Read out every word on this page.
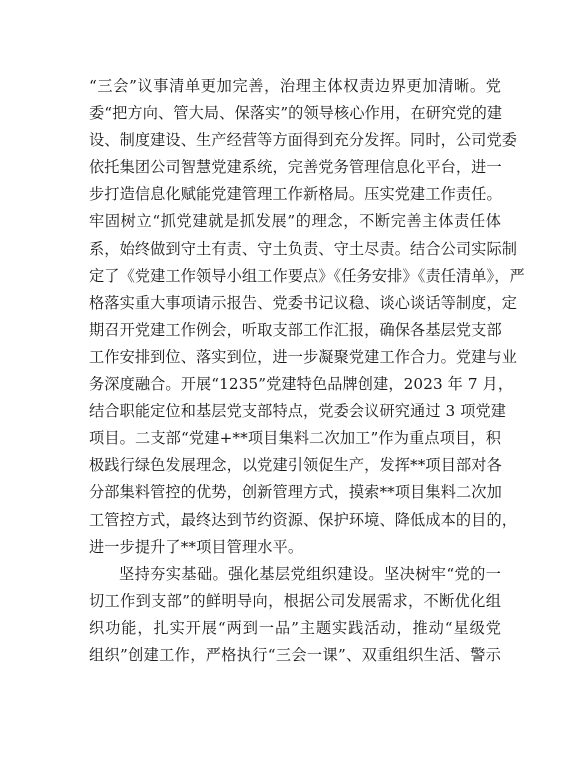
“三会”议事清单更加完善，治理主体权责边界更加清晰。党
委“把方向、管大局、保落实”的领导核心作用，在研究党的建
设、制度建设、生产经营等方面得到充分发挥。同时，公司党委
依托集团公司智慧党建系统，完善党务管理信息化平台，进一
步打造信息化赋能党建管理工作新格局。压实党建工作责任。
牢固树立“抓党建就是抓发展”的理念，不断完善主体责任体
系，始终做到守土有责、守土负责、守土尽责。结合公司实际制
定了《党建工作领导小组工作要点》《任务安排》《责任清单》，严
格落实重大事项请示报告、党委书记议稳、谈心谈话等制度，定
期召开党建工作例会，听取支部工作汇报，确保各基层党支部
工作安排到位、落实到位，进一步凝聚党建工作合力。党建与业
务深度融合。开展“1235”党建特色品牌创建，2023 年 7 月，
结合职能定位和基层党支部特点，党委会议研究通过 3 项党建
项目。二支部“党建+**项目集料二次加工”作为重点项目，积
极践行绿色发展理念，以党建引领促生产，发挥**项目部对各
分部集料管控的优势，创新管理方式，摸索**项目集料二次加
工管控方式，最终达到节约资源、保护环境、降低成本的目的，
进一步提升了**项目管理水平。
坚持夯实基础。强化基层党组织建设。坚决树牢“党的一
切工作到支部”的鲜明导向，根据公司发展需求，不断优化组
织功能，扎实开展“两到一品”主题实践活动，推动“星级党
组织”创建工作，严格执行“三会一课”、双重组织生活、警示
